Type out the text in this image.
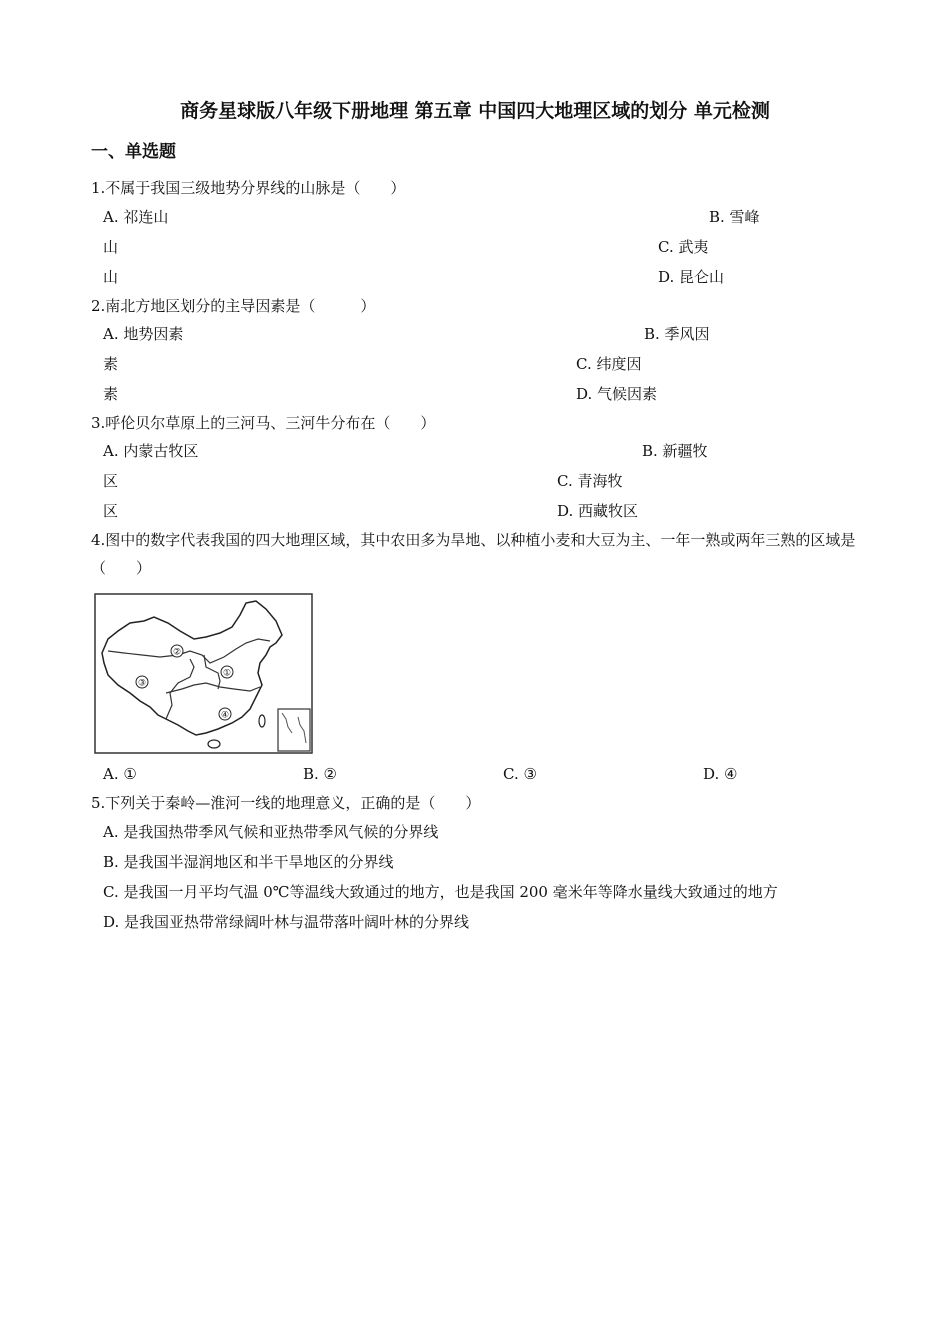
商务星球版八年级下册地理 第五章 中国四大地理区域的划分 单元检测
一、单选题
1.不属于我国三级地势分界线的山脉是（　　）
A. 祁连山	B. 雪峰
山	C. 武夷
山	D. 昆仑山
2.南北方地区划分的主导因素是（　　　）
A. 地势因素	B. 季风因
素	C. 纬度因
素	D. 气候因素
3.呼伦贝尔草原上的三河马、三河牛分布在（　　）
A. 内蒙古牧区	B. 新疆牧
区	C. 青海牧
区	D. 西藏牧区
4.图中的数字代表我国的四大地理区域，其中农田多为旱地、以种植小麦和大豆为主、一年一熟或两年三熟的区域是（　　）
②
①
③
④
A. ①	B. ②	C. ③	D. ④
5.下列关于秦岭—淮河一线的地理意义，正确的是（　　）
A. 是我国热带季风气候和亚热带季风气候的分界线
B. 是我国半湿润地区和半干旱地区的分界线
C. 是我国一月平均气温 0℃等温线大致通过的地方，也是我国 200 毫米年等降水量线大致通过的地方
D. 是我国亚热带常绿阔叶林与温带落叶阔叶林的分界线
